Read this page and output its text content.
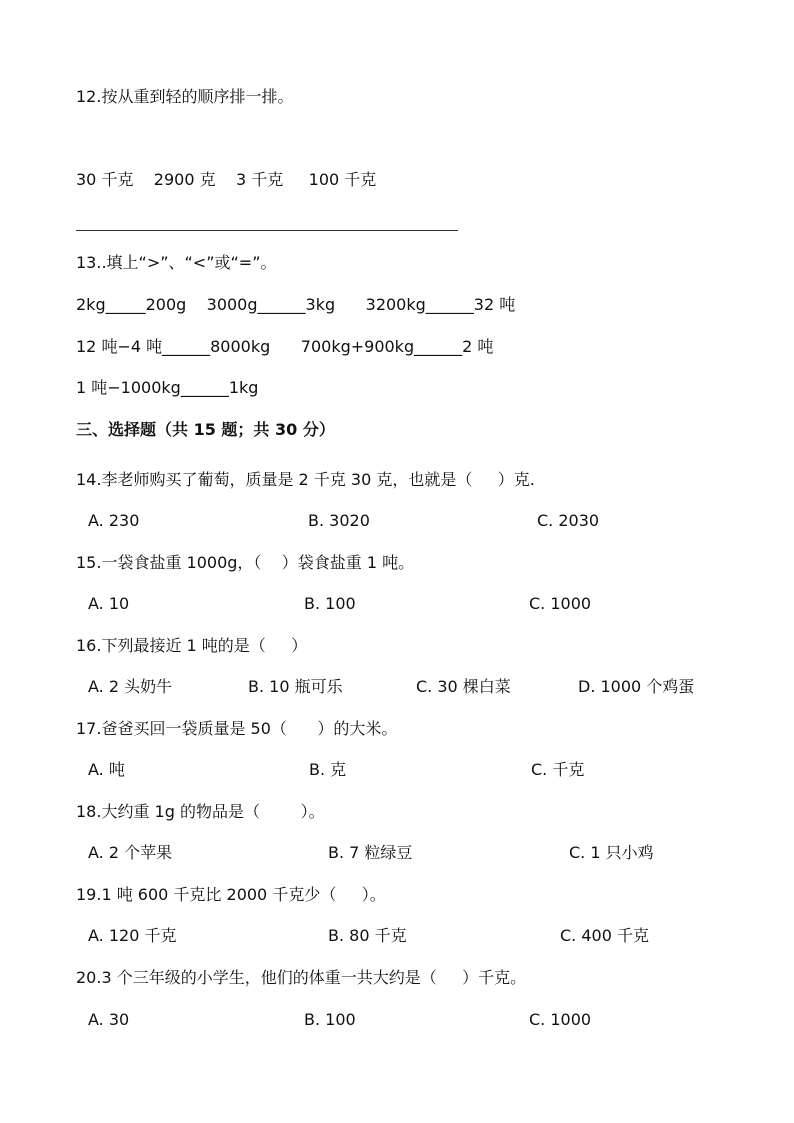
12.按从重到轻的顺序排一排。
30 千克    2900 克    3 千克     100 千克
13..填上“>”、“<”或“=”。
2kg_____200g    3000g______3kg      3200kg______32 吨
12 吨−4 吨______8000kg      700kg+900kg______2 吨
1 吨−1000kg______1kg
三、选择题（共 15 题；共 30 分）
14.李老师购买了葡萄，质量是 2 千克 30 克，也就是（     ）克.
A. 230	B. 3020	C. 2030
15.一袋食盐重 1000g，（    ）袋食盐重 1 吨。
A. 10	B. 100	C. 1000
16.下列最接近 1 吨的是（     ）
A. 2 头奶牛	B. 10 瓶可乐	C. 30 棵白菜	D. 1000 个鸡蛋
17.爸爸买回一袋质量是 50（      ）的大米。
A. 吨	B. 克	C. 千克
18.大约重 1g 的物品是（        ）。
A. 2 个苹果	B. 7 粒绿豆	C. 1 只小鸡
19.1 吨 600 千克比 2000 千克少（     ）。
A. 120 千克	B. 80 千克	C. 400 千克
20.3 个三年级的小学生，他们的体重一共大约是（     ）千克。
A. 30	B. 100	C. 1000
